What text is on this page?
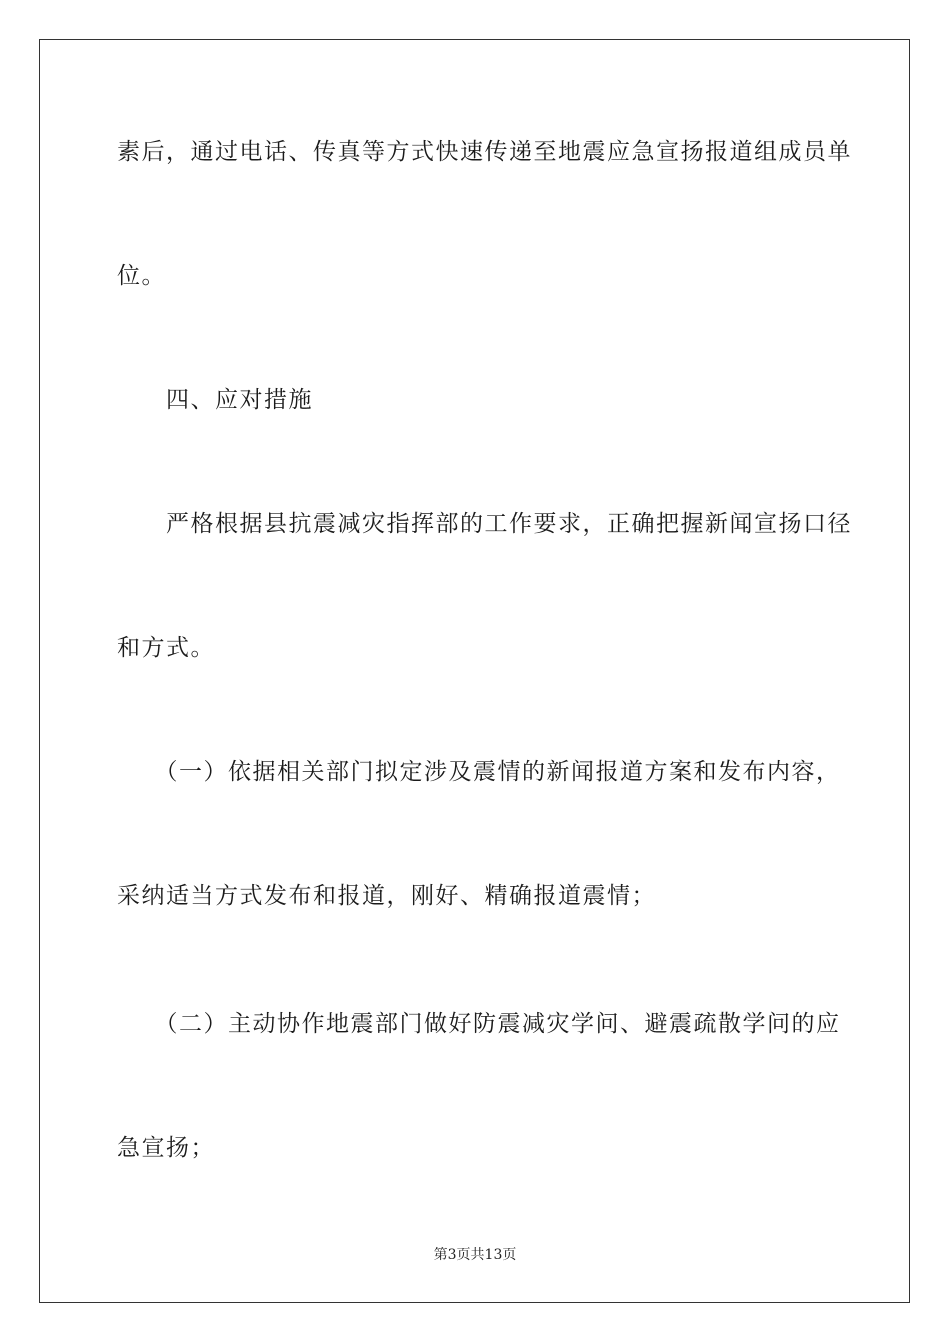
素后，通过电话、传真等方式快速传递至地震应急宣扬报道组成员单
位。
　　四、应对措施
　　严格根据县抗震减灾指挥部的工作要求，正确把握新闻宣扬口径
和方式。
　　（一）依据相关部门拟定涉及震情的新闻报道方案和发布内容，
采纳适当方式发布和报道，刚好、精确报道震情；
　　（二）主动协作地震部门做好防震减灾学问、避震疏散学问的应
急宣扬；
第3页共13页
